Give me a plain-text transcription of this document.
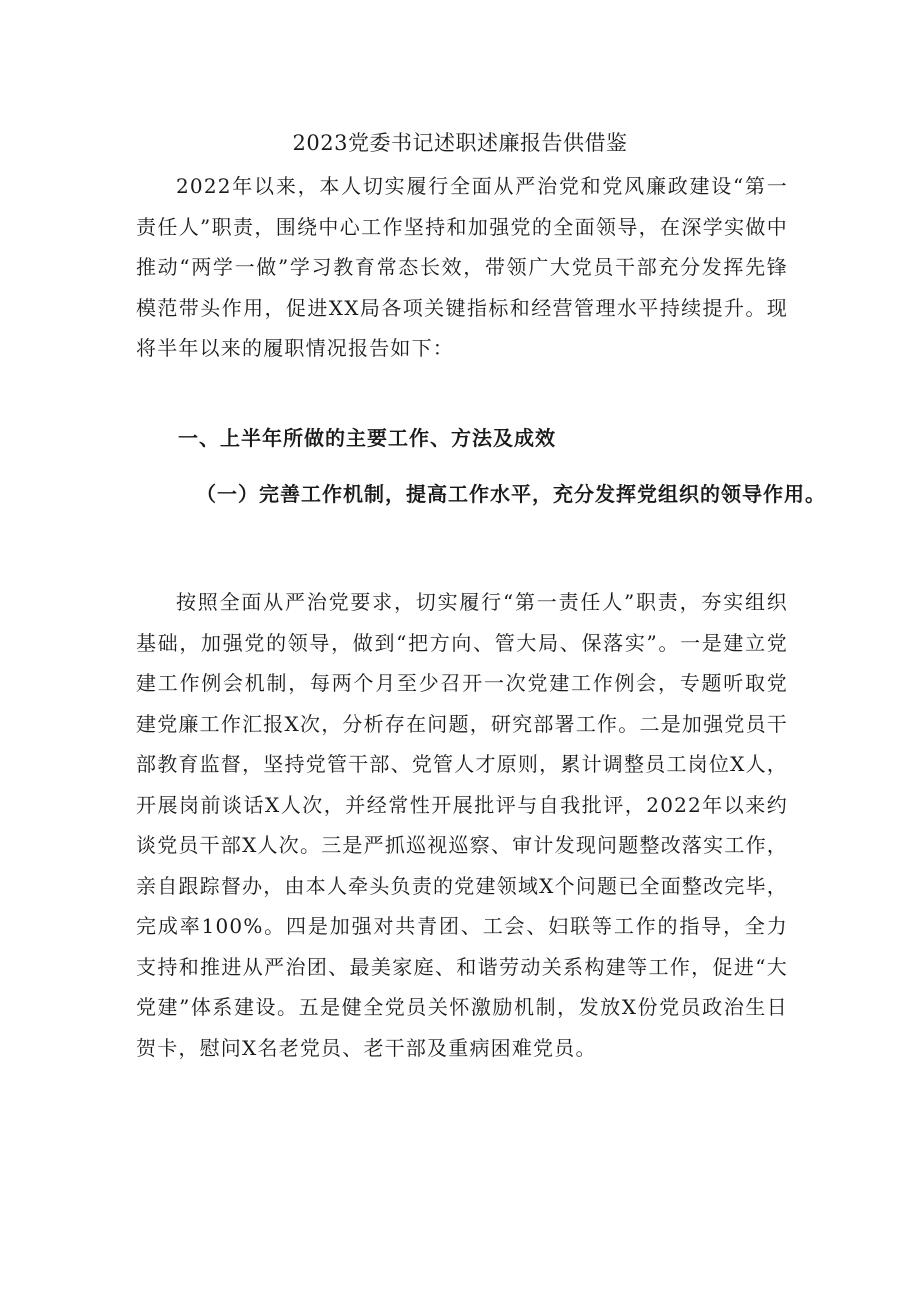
2023党委书记述职述廉报告供借鉴

2022年以来，本人切实履行全面从严治党和党风廉政建设“第一责任人”职责，围绕中心工作坚持和加强党的全面领导，在深学实做中推动“两学一做”学习教育常态长效，带领广大党员干部充分发挥先锋模范带头作用，促进XX局各项关键指标和经营管理水平持续提升。现将半年以来的履职情况报告如下：

一、上半年所做的主要工作、方法及成效
（一）完善工作机制，提高工作水平，充分发挥党组织的领导作用。

按照全面从严治党要求，切实履行“第一责任人”职责，夯实组织基础，加强党的领导，做到“把方向、管大局、保落实”。一是建立党建工作例会机制，每两个月至少召开一次党建工作例会，专题听取党建党廉工作汇报X次，分析存在问题，研究部署工作。二是加强党员干部教育监督，坚持党管干部、党管人才原则，累计调整员工岗位X人，开展岗前谈话X人次，并经常性开展批评与自我批评，2022年以来约谈党员干部X人次。三是严抓巡视巡察、审计发现问题整改落实工作，亲自跟踪督办，由本人牵头负责的党建领域X个问题已全面整改完毕，完成率100%。四是加强对共青团、工会、妇联等工作的指导，全力支持和推进从严治团、最美家庭、和谐劳动关系构建等工作，促进“大党建”体系建设。五是健全党员关怀激励机制，发放X份党员政治生日贺卡，慰问X名老党员、老干部及重病困难党员。
